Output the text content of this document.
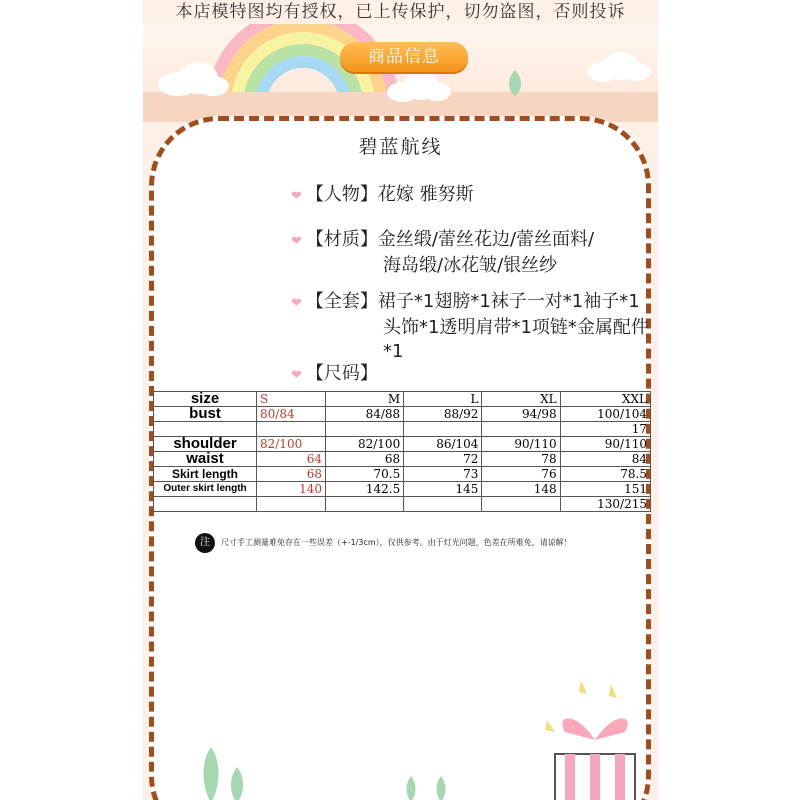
本店模特图均有授权，已上传保护，切勿盗图，否则投诉
商品信息
碧蓝航线
❤ 【人物】花嫁 雅努斯
❤ 【材质】金丝缎/蕾丝花边/蕾丝面料/
海岛缎/冰花皱/银丝纱
❤ 【全套】裙子*1翅膀*1袜子一对*1袖子*1
头饰*1透明肩带*1项链*金属配件*1
❤ 【尺码】
size	S	M	L	XL	XXL
bust	80/84	84/88	88/92	94/98	100/104
					17
shoulder	82/100	82/100	86/104	90/110	90/110
waist	64	68	72	78	84
Skirt length	68	70.5	73	76	78.5
Outer skirt length	140	142.5	145	148	151
					130/215
注 尺寸手工测量难免存在一些误差（+-1/3cm），仅供参考。由于灯光问题，色差在所难免，请谅解！
